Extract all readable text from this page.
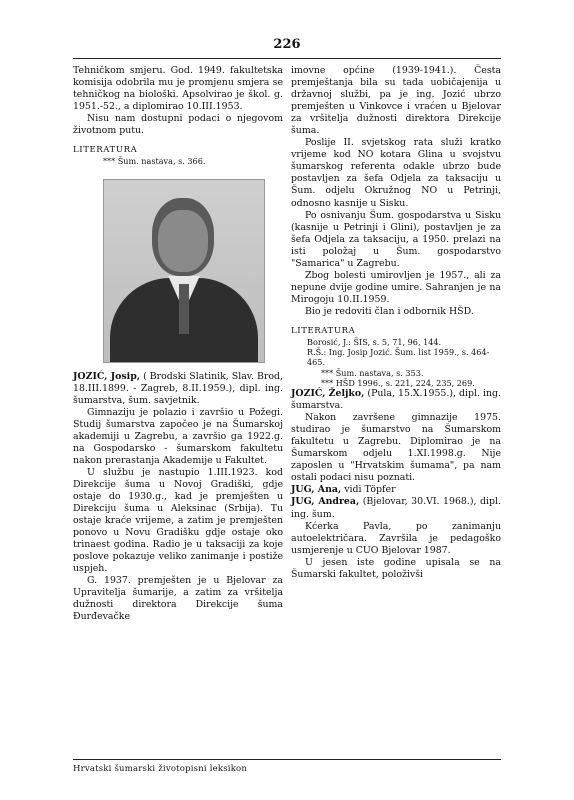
226

Tehničkom smjeru. God. 1949. fakultetska komisija odobrila mu je promjenu smjera se tehničkog na biološki. Apsolvirao je škol. g. 1951.-52., a diplomirao 10.III.1953.

Nisu nam dostupni podaci o njegovom životnom putu.

LITERATURA
*** Šum. nastava, s. 366.

JOZIĆ, Josip, ( Brodski Slatinik, Slav. Brod, 18.III.1899. - Zagreb, 8.II.1959.), dipl. ing. šumarstva, šum. savjetnik.

Gimnaziju je polazio i završio u Požegi. Studij šumarstva započeo je na Šumarskoj akademiji u Zagrebu, a završio ga 1922.g. na Gospodarsko - šumarskom fakultetu nakon prerastanja Akademije u Fakultet.

U službu je nastupio 1.III.1923. kod Direkcije šuma u Novoj Gradiški, gdje ostaje do 1930.g., kad je premješten u Direkciju šuma u Aleksinac (Srbija). Tu ostaje kraće vrijeme, a zatim je premješten ponovo u Novu Gradišku gdje ostaje oko trinaest godina. Radio je u taksaciji za koje poslove pokazuje veliko zanimanje i postiže uspjeh.

G. 1937. premješten je u Bjelovar za Upravitelja šumarije, a zatim za vršitelja dužnosti direktora Direkcije šuma Đurđevačke

imovne općine (1939-1941.). Česta premještanja bila su tada uobičajenija u državnoj službi, pa je ing. Jozić ubrzo premješten u Vinkovce i vraćen u Bjelovar za vršitelja dužnosti direktora Direkcije šuma.

Poslije II. svjetskog rata služi kratko vrijeme kod NO kotara Glina u svojstvu šumarskog referenta odakle ubrzo bude postavljen za šefa Odjela za taksaciju u Šum. odjelu Okružnog NO u Petrinji, odnosno kasnije u Sisku.

Po osnivanju Šum. gospodarstva u Sisku (kasnije u Petrinji i Glini), postavljen je za šefa Odjela za taksaciju, a 1950. prelazi na isti položaj u Šum. gospodarstvo "Samarica" u Zagrebu.

Zbog bolesti umirovljen je 1957., ali za nepune dvije godine umire. Sahranjen je na Mirogoju 10.II.1959.

Bio je redoviti član i odbornik HŠD.

LITERATURA
Borosić, J.: ŠIS, s. 5, 71, 96, 144.
R.Š.: Ing. Josip Jozić. Šum. list 1959., s. 464-465.
*** Šum. nastava, s. 353.
*** HŠD 1996., s. 221, 224, 235, 269.

JOZIĆ, Željko, (Pula, 15.X.1955.), dipl. ing. šumarstva.

Nakon završene gimnazije 1975. studirao je šumarstvo na Šumarskom fakultetu u Zagrebu. Diplomirao je na Šumarskom odjelu 1.XI.1998.g. Nije zaposlen u "Hrvatskim šumama", pa nam ostali podaci nisu poznati.

JUG, Ana, vidi Töpfer

JUG, Andrea, (Bjelovar, 30.VI. 1968.), dipl. ing. šum.

Kćerka Pavla, po zanimanju autoelektričara. Završila je pedagoško usmjerenje u CUO Bjelovar 1987.

U jesen iste godine upisala se na Šumarski fakultet, položivši

Hrvatski šumarski životopisni leksikon
